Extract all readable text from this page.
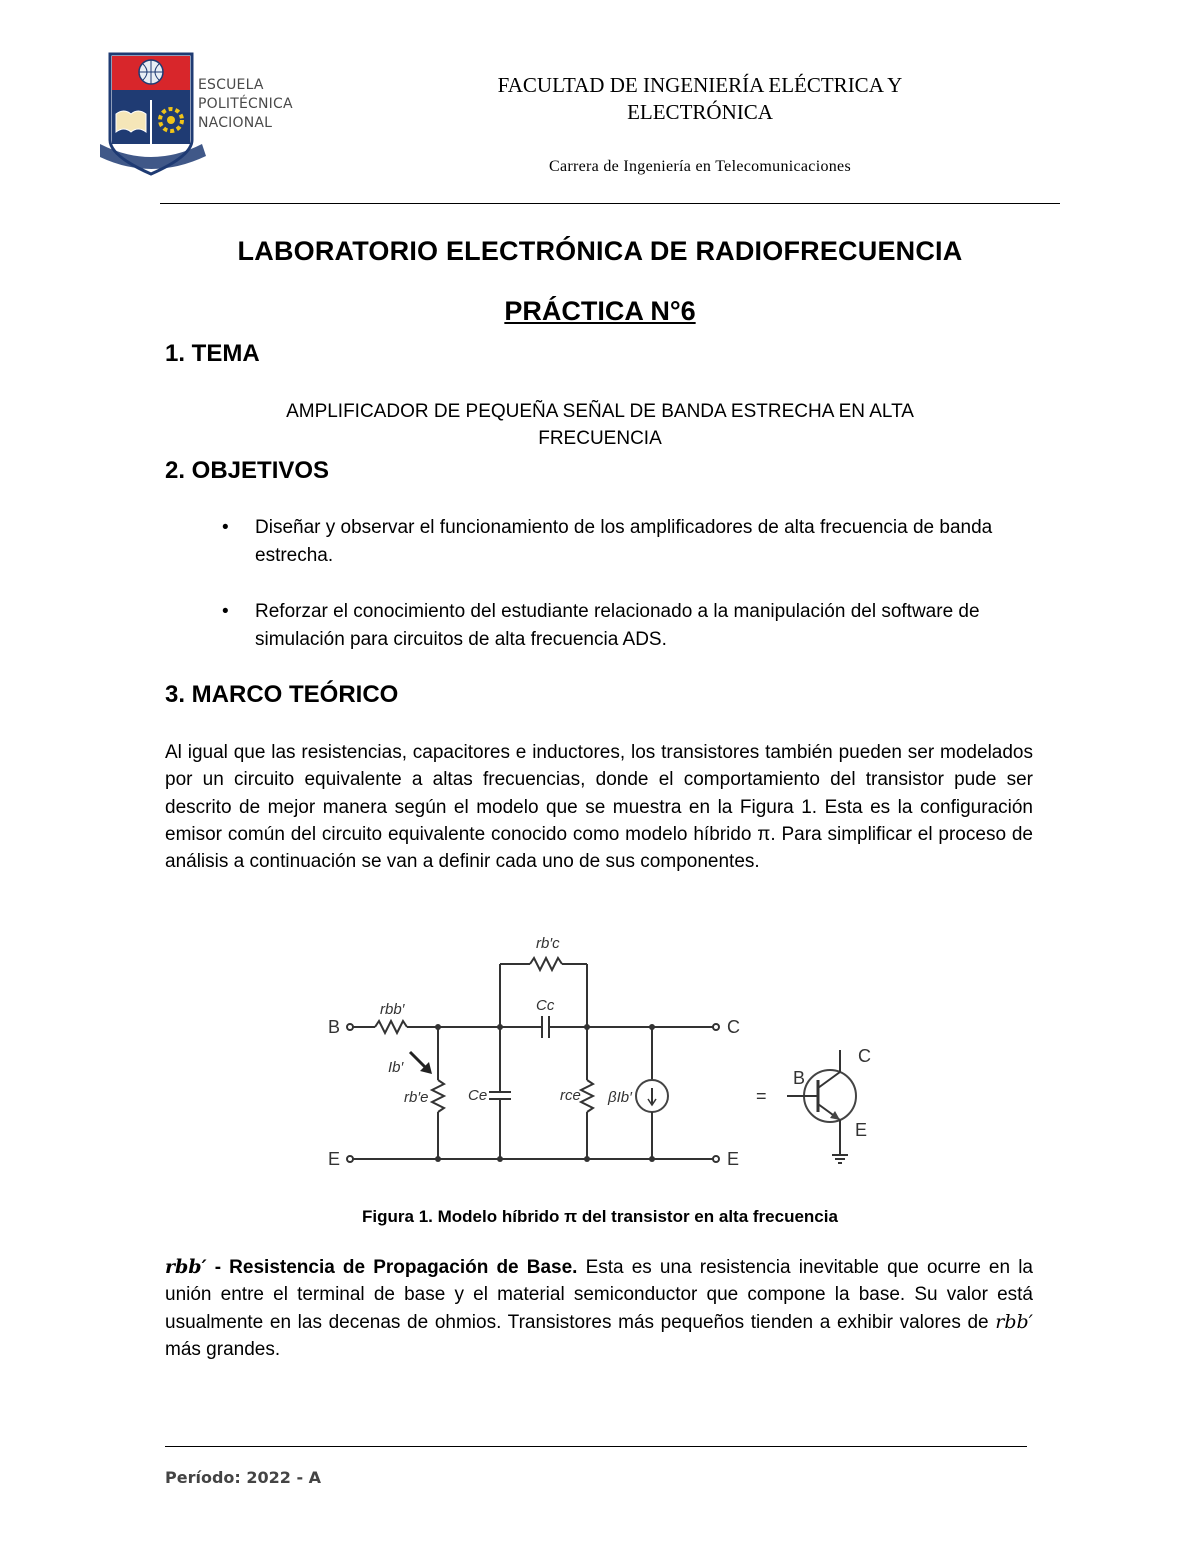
ESCUELA
POLITÉCNICA
NACIONAL
FACULTAD DE INGENIERÍA ELÉCTRICA Y
ELECTRÓNICA
Carrera de Ingeniería en Telecomunicaciones
LABORATORIO ELECTRÓNICA DE RADIOFRECUENCIA
PRÁCTICA N°6
1. TEMA
AMPLIFICADOR DE PEQUEÑA SEÑAL DE BANDA ESTRECHA EN ALTA
FRECUENCIA
2. OBJETIVOS
• Diseñar y observar el funcionamiento de los amplificadores de alta frecuencia de banda estrecha.
• Reforzar el conocimiento del estudiante relacionado a la manipulación del software de simulación para circuitos de alta frecuencia ADS.
3. MARCO TEÓRICO
Al igual que las resistencias, capacitores e inductores, los transistores también pueden ser modelados por un circuito equivalente a altas frecuencias, donde el comportamiento del transistor pude ser descrito de mejor manera según el modelo que se muestra en la Figura 1. Esta es la configuración emisor común del circuito equivalente conocido como modelo híbrido π. Para simplificar el proceso de análisis a continuación se van a definir cada uno de sus componentes.
B
E
C
E
C
B
E
=
rbb′
rb′c
Cc
Ib′
rb′e	Ce	rce βIb′
Figura 1. Modelo híbrido π del transistor en alta frecuencia
rbb′ - Resistencia de Propagación de Base. Esta es una resistencia inevitable que ocurre en la unión entre el terminal de base y el material semiconductor que compone la base. Su valor está usualmente en las decenas de ohmios. Transistores más pequeños tienden a exhibir valores de rbb′ más grandes.
Período: 2022 - A
